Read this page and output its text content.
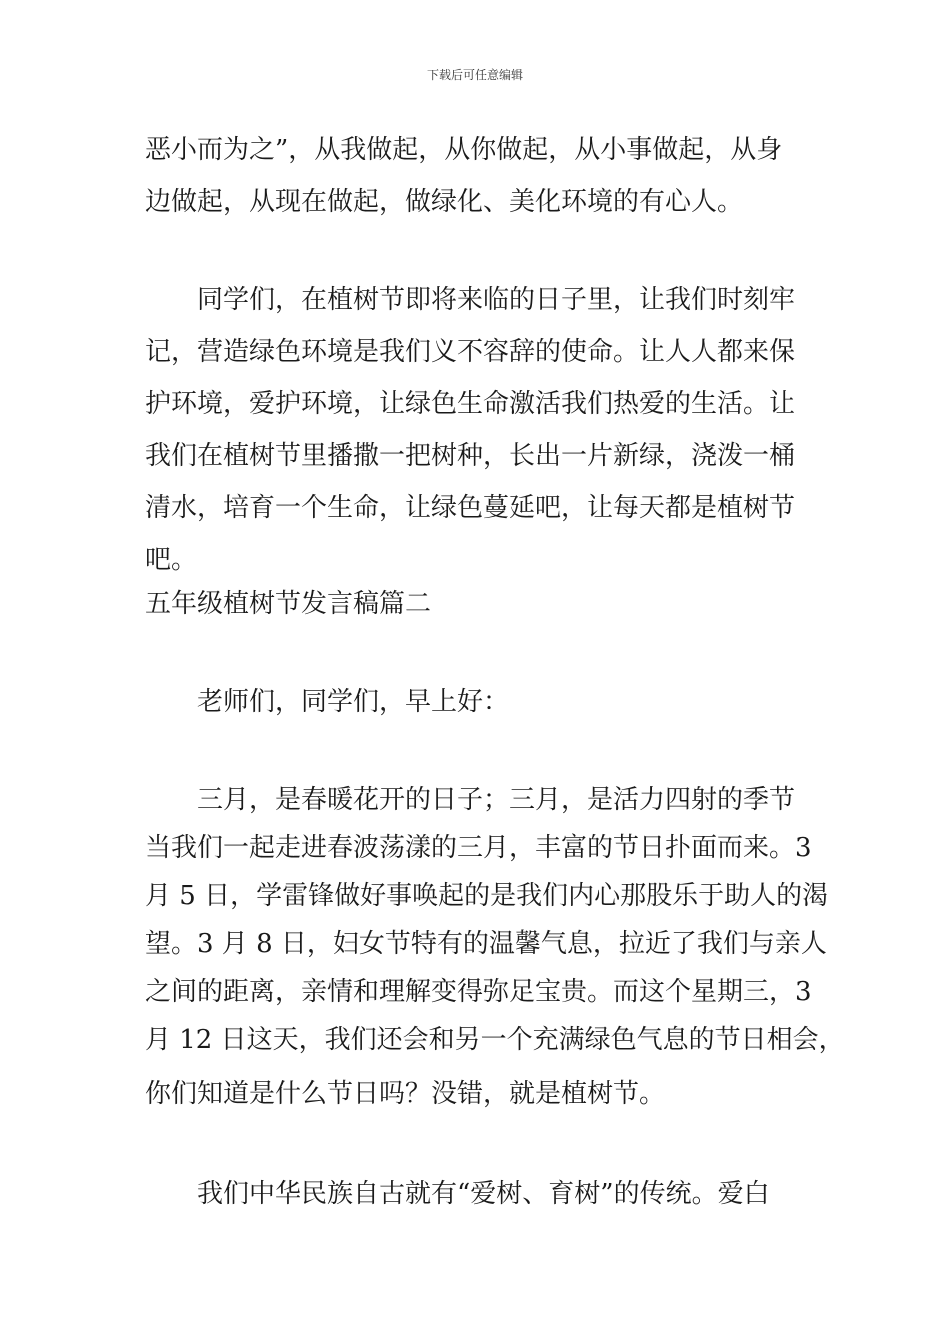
下载后可任意编辑
恶小而为之”，从我做起，从你做起，从小事做起，从身
边做起，从现在做起，做绿化、美化环境的有心人。
同学们，在植树节即将来临的日子里，让我们时刻牢
记，营造绿色环境是我们义不容辞的使命。让人人都来保
护环境，爱护环境，让绿色生命激活我们热爱的生活。让
我们在植树节里播撒一把树种，长出一片新绿，浇泼一桶
清水，培育一个生命，让绿色蔓延吧，让每天都是植树节
吧。
五年级植树节发言稿篇二
老师们，同学们，早上好：
三月，是春暖花开的日子；三月，是活力四射的季节
当我们一起走进春波荡漾的三月，丰富的节日扑面而来。3
月 5 日，学雷锋做好事唤起的是我们内心那股乐于助人的渴
望。3 月 8 日，妇女节特有的温馨气息，拉近了我们与亲人
之间的距离，亲情和理解变得弥足宝贵。而这个星期三，3
月 12 日这天，我们还会和另一个充满绿色气息的节日相会，
你们知道是什么节日吗？没错，就是植树节。
我们中华民族自古就有“爱树、育树”的传统。爱白
